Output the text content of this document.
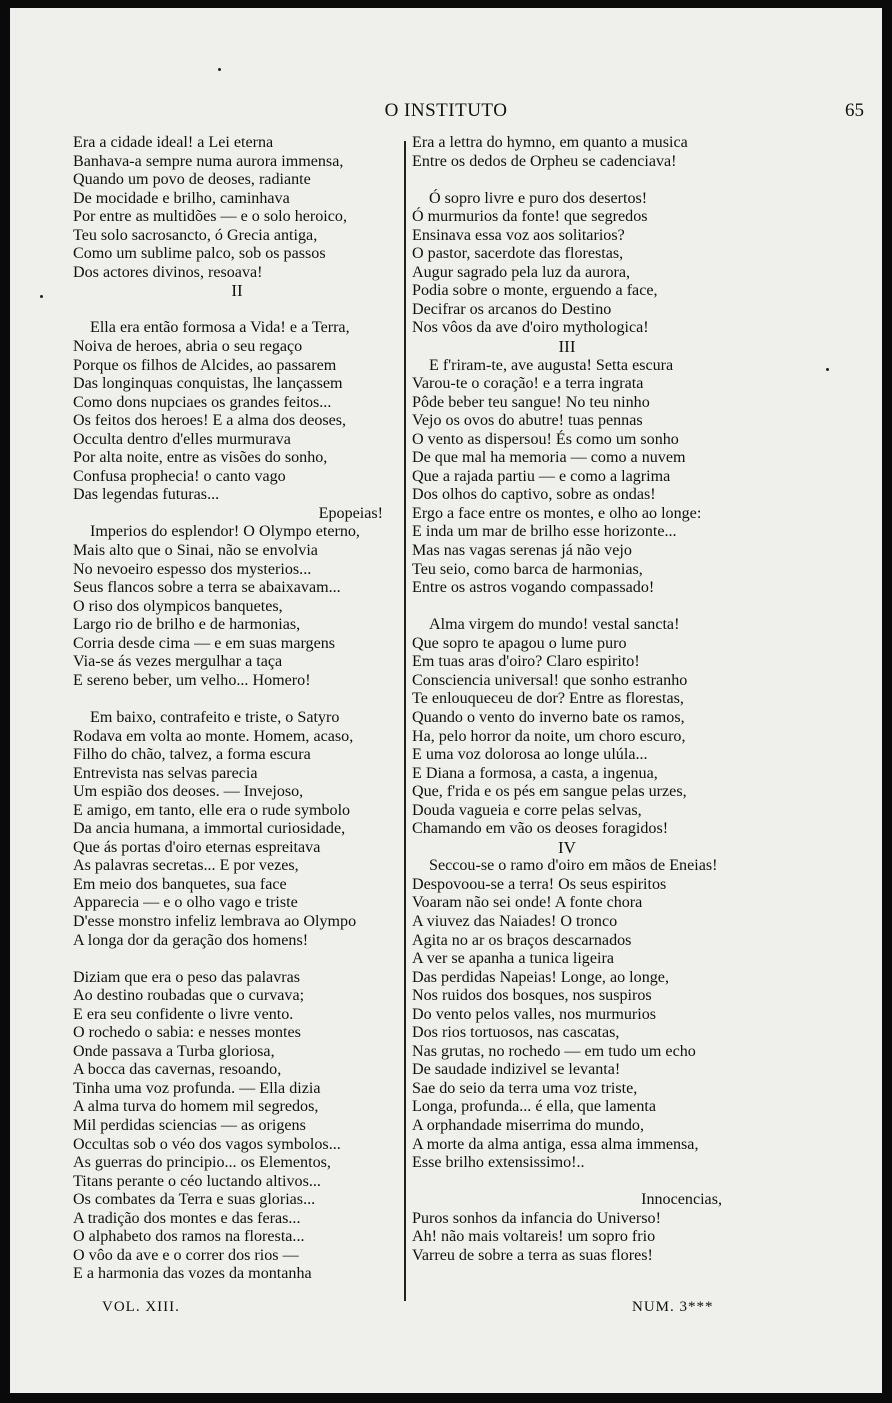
O INSTITUTO	65
Era a cidade ideal! a Lei eterna
Banhava-a sempre numa aurora immensa,
Quando um povo de deoses, radiante
De mocidade e brilho, caminhava
Por entre as multidões — e o solo heroico,
Teu solo sacrosancto, ó Grecia antiga,
Como um sublime palco, sob os passos
Dos actores divinos, resoava!
II
Ella era então formosa a Vida! e a Terra,
Noiva de heroes, abria o seu regaço
Porque os filhos de Alcides, ao passarem
Das longinquas conquistas, lhe lançassem
Como dons nupciaes os grandes feitos...
Os feitos dos heroes! E a alma dos deoses,
Occulta dentro d'elles murmurava
Por alta noite, entre as visões do sonho,
Confusa prophecia! o canto vago
Das legendas futuras...
Epopeias!
Imperios do esplendor! O Olympo eterno,
Mais alto que o Sinai, não se envolvia
No nevoeiro espesso dos mysterios...
Seus flancos sobre a terra se abaixavam...
O riso dos olympicos banquetes,
Largo rio de brilho e de harmonias,
Corria desde cima — e em suas margens
Via-se ás vezes mergulhar a taça
E sereno beber, um velho... Homero!
Em baixo, contrafeito e triste, o Satyro
Rodava em volta ao monte. Homem, acaso,
Filho do chão, talvez, a forma escura
Entrevista nas selvas parecia
Um espião dos deoses. — Invejoso,
E amigo, em tanto, elle era o rude symbolo
Da ancia humana, a immortal curiosidade,
Que ás portas d'oiro eternas espreitava
As palavras secretas... E por vezes,
Em meio dos banquetes, sua face
Apparecia — e o olho vago e triste
D'esse monstro infeliz lembrava ao Olympo
A longa dor da geração dos homens!
Diziam que era o peso das palavras
Ao destino roubadas que o curvava;
E era seu confidente o livre vento.
O rochedo o sabia: e nesses montes
Onde passava a Turba gloriosa,
A bocca das cavernas, resoando,
Tinha uma voz profunda. — Ella dizia
A alma turva do homem mil segredos,
Mil perdidas sciencias — as origens
Occultas sob o véo dos vagos symbolos...
As guerras do principio... os Elementos,
Titans perante o céo luctando altivos...
Os combates da Terra e suas glorias...
A tradição dos montes e das feras...
O alphabeto dos ramos na floresta...
O vôo da ave e o correr dos rios —
E a harmonia das vozes da montanha
Era a lettra do hymno, em quanto a musica
Entre os dedos de Orpheu se cadenciava!
Ó sopro livre e puro dos desertos!
Ó murmurios da fonte! que segredos
Ensinava essa voz aos solitarios?
O pastor, sacerdote das florestas,
Augur sagrado pela luz da aurora,
Podia sobre o monte, erguendo a face,
Decifrar os arcanos do Destino
Nos vôos da ave d'oiro mythologica!
III
E f'riram-te, ave augusta! Setta escura
Varou-te o coração! e a terra ingrata
Pôde beber teu sangue! No teu ninho
Vejo os ovos do abutre! tuas pennas
O vento as dispersou! És como um sonho
De que mal ha memoria — como a nuvem
Que a rajada partiu — e como a lagrima
Dos olhos do captivo, sobre as ondas!
Ergo a face entre os montes, e olho ao longe:
E inda um mar de brilho esse horizonte...
Mas nas vagas serenas já não vejo
Teu seio, como barca de harmonias,
Entre os astros vogando compassado!
Alma virgem do mundo! vestal sancta!
Que sopro te apagou o lume puro
Em tuas aras d'oiro? Claro espirito!
Consciencia universal! que sonho estranho
Te enlouqueceu de dor? Entre as florestas,
Quando o vento do inverno bate os ramos,
Ha, pelo horror da noite, um choro escuro,
E uma voz dolorosa ao longe ulúla...
E Diana a formosa, a casta, a ingenua,
Que, f'rida e os pés em sangue pelas urzes,
Douda vagueia e corre pelas selvas,
Chamando em vão os deoses foragidos!
IV
Seccou-se o ramo d'oiro em mãos de Eneias!
Despovoou-se a terra! Os seus espiritos
Voaram não sei onde! A fonte chora
A viuvez das Naiades! O tronco
Agita no ar os braços descarnados
A ver se apanha a tunica ligeira
Das perdidas Napeias! Longe, ao longe,
Nos ruidos dos bosques, nos suspiros
Do vento pelos valles, nos murmurios
Dos rios tortuosos, nas cascatas,
Nas grutas, no rochedo — em tudo um echo
De saudade indizivel se levanta!
Sae do seio da terra uma voz triste,
Longa, profunda... é ella, que lamenta
A orphandade miserrima do mundo,
A morte da alma antiga, essa alma immensa,
Esse brilho extensissimo!..
Innocencias,
Puros sonhos da infancia do Universo!
Ah! não mais voltareis! um sopro frio
Varreu de sobre a terra as suas flores!
VOL. XIII.	NUM. 3***
